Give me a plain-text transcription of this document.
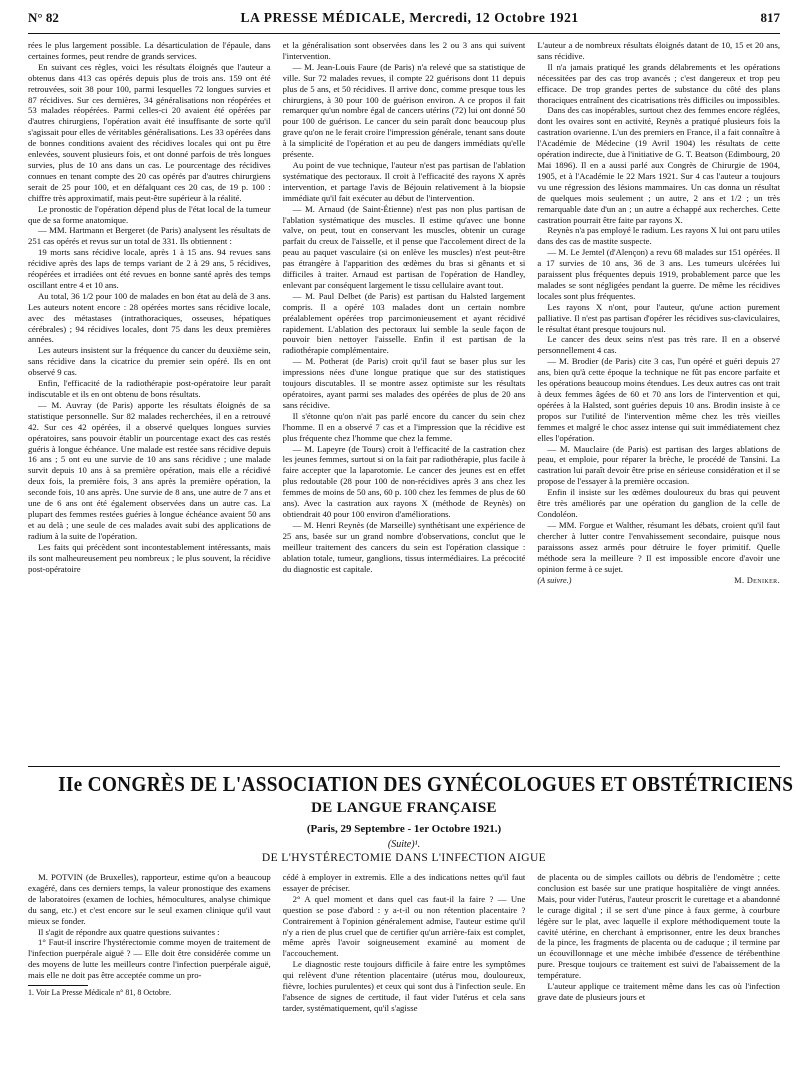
N° 82	LA PRESSE MÉDICALE, Mercredi, 12 Octobre 1921	817

rées le plus largement possible. La désarticulation de l'épaule, dans certaines formes, peut rendre de grands services.

En suivant ces règles, voici les résultats éloignés que l'auteur a obtenus dans 413 cas opérés depuis plus de trois ans. 159 ont été retrouvées, soit 38 pour 100, parmi lesquelles 72 longues survies et 87 récidives. Sur ces dernières, 34 généralisations non réopérées et 53 malades réopérées. Parmi celles-ci 20 avaient été opérées par d'autres chirurgiens, l'opération avait été insuffisante de sorte qu'il s'agissait pour elles de véritables généralisations. Les 33 opérées dans de bonnes conditions avaient des récidives locales qui ont pu être enlevées, souvent plusieurs fois, et ont donné parfois de très longues survies, plus de 10 ans dans un cas. Le pourcentage des récidives connues en tenant compte des 20 cas opérés par d'autres chirurgiens serait de 25 pour 100, et en défalquant ces 20 cas, de 19 p. 100 : chiffre très approximatif, mais peut-être supérieur à la réalité.

Le pronostic de l'opération dépend plus de l'état local de la tumeur que de sa forme anatomique.

— MM. Hartmann et Bergeret (de Paris) analysent les résultats de 251 cas opérés et revus sur un total de 331. Ils obtiennent :

19 morts sans récidive locale, après 1 à 15 ans. 94 revues sans récidive après des laps de temps variant de 2 à 29 ans, 5 récidives, réopérées et irradiées ont été revues en bonne santé après des temps oscillant entre 4 et 10 ans.

Au total, 36 1/2 pour 100 de malades en bon état au delà de 3 ans. Les auteurs notent encore : 28 opérées mortes sans récidive locale, avec des métastases (intrathoraciques, osseuses, hépatiques cérébrales) ; 94 récidives locales, dont 75 dans les deux premières années.

Les auteurs insistent sur la fréquence du cancer du deuxième sein, sans récidive dans la cicatrice du premier sein opéré. Ils en ont observé 9 cas.

Enfin, l'efficacité de la radiothérapie post-opératoire leur paraît indiscutable et ils en ont obtenu de bons résultats.

— M. Auvray (de Paris) apporte les résultats éloignés de sa statistique personnelle. Sur 82 malades recherchées, il en a retrouvé 42. Sur ces 42 opérées, il a observé quelques longues survies opératoires, sans pouvoir établir un pourcentage exact des cas restés guéris à longue échéance. Une malade est restée sans récidive depuis 16 ans ; 5 ont eu une survie de 10 ans sans récidive ; une malade survit depuis 10 ans à sa première opération, mais elle a récidivé deux fois, la première fois, 3 ans après la première opération, la seconde fois, 10 ans après. Une survie de 8 ans, une autre de 7 ans et une de 6 ans ont été également observées dans un autre cas. La plupart des femmes restées guéries à longue échéance avaient 50 ans et au delà ; une seule de ces malades avait subi des applications de radium à la suite de l'opération.

Les faits qui précèdent sont incontestablement intéressants, mais ils sont malheureusement peu nombreux ; le plus souvent, la récidive post-opératoire

et la généralisation sont observées dans les 2 ou 3 ans qui suivent l'intervention.

— M. Jean-Louis Faure (de Paris) n'a relevé que sa statistique de ville. Sur 72 malades revues, il compte 22 guérisons dont 11 depuis plus de 5 ans, et 50 récidives. Il arrive donc, comme presque tous les chirurgiens, à 30 pour 100 de guérison environ. A ce propos il fait remarquer qu'un nombre égal de cancers utérins (72) lui ont donné 50 pour 100 de guérison. Le cancer du sein paraît donc beaucoup plus grave qu'on ne le ferait croire l'impression générale, tenant sans doute à la simplicité de l'opération et au peu de dangers immédiats qu'elle présente.

Au point de vue technique, l'auteur n'est pas partisan de l'ablation systématique des pectoraux. Il croit à l'efficacité des rayons X après intervention, et partage l'avis de Béjouin relativement à la biopsie immédiate qu'il fait exécuter au début de l'intervention.

— M. Arnaud (de Saint-Étienne) n'est pas non plus partisan de l'ablation systématique des muscles. Il estime qu'avec une bonne valve, on peut, tout en conservant les muscles, obtenir un curage parfait du creux de l'aisselle, et il pense que l'accolement direct de la peau au paquet vasculaire (si on enlève les muscles) n'est peut-être pas étrangère à l'apparition des œdèmes du bras si gênants et si difficiles à traiter. Arnaud est partisan de l'opération de Handley, enlevant par conséquent largement le tissu cellulaire avant tout.

— M. Paul Delbet (de Paris) est partisan du Halsted largement compris. Il a opéré 103 malades dont un certain nombre préalablement opérées trop parcimonieusement et ayant récidivé rapidement. L'ablation des pectoraux lui semble la seule façon de pouvoir bien nettoyer l'aisselle. Enfin il est partisan de la radiothérapie complémentaire.

— M. Potherat (de Paris) croit qu'il faut se baser plus sur les impressions nées d'une longue pratique que sur des statistiques toujours discutables. Il se montre assez optimiste sur les résultats opératoires, ayant parmi ses malades des opérées de plus de 20 ans sans récidive.

Il s'étonne qu'on n'ait pas parlé encore du cancer du sein chez l'homme. Il en a observé 7 cas et a l'impression que la récidive est plus fréquente chez l'homme que chez la femme.

— M. Lapeyre (de Tours) croit à l'efficacité de la castration chez les jeunes femmes, surtout si on la fait par radiothérapie, plus facile à faire accepter que la laparotomie. Le cancer des jeunes est en effet plus redoutable (28 pour 100 de non-récidives après 3 ans chez les femmes de moins de 50 ans, 60 p. 100 chez les femmes de plus de 60 ans). Avec la castration aux rayons X (méthode de Reynès) on obtiendrait 40 pour 100 environ d'améliorations.

— M. Henri Reynès (de Marseille) synthétisant une expérience de 25 ans, basée sur un grand nombre d'observations, conclut que le meilleur traitement des cancers du sein est l'opération classique : ablation totale, tumeur, ganglions, tissus intermédiaires. La précocité du diagnostic est capitale.

L'auteur a de nombreux résultats éloignés datant de 10, 15 et 20 ans, sans récidive.

Il n'a jamais pratiqué les grands délabrements et les opérations nécessitées par des cas trop avancés ; c'est dangereux et trop peu efficace. De trop grandes pertes de substance du côté des plans thoraciques entraînent des cicatrisations très difficiles ou impossibles.

Dans des cas inopérables, surtout chez des femmes encore réglées, dont les ovaires sont en activité, Reynès a pratiqué plusieurs fois la castration ovarienne. L'un des premiers en France, il a fait connaître à l'Académie de Médecine (19 Avril 1904) les résultats de cette opération indirecte, due à l'initiative de G. T. Beatson (Edimbourg, 20 Mai 1896). Il en a aussi parlé aux Congrès de Chirurgie de 1904, 1905, et à l'Académie le 22 Mars 1921. Sur 4 cas l'auteur a toujours vu une régression des lésions mammaires. Un cas donna un résultat de quelques mois seulement ; un autre, 2 ans et 1/2 ; un très remarquable date d'un an ; un autre a échappé aux recherches. Cette castration pourrait être faite par rayons X.

Reynès n'a pas employé le radium. Les rayons X lui ont paru utiles dans des cas de mastite suspecte.

— M. Le Jemtel (d'Alençon) a revu 68 malades sur 151 opérées. Il a 17 survies de 10 ans, 36 de 3 ans. Les tumeurs ulcérées lui paraissent plus fréquentes depuis 1919, probablement parce que les malades se sont négligées pendant la guerre. De même les récidives locales sont plus fréquentes.

Les rayons X n'ont, pour l'auteur, qu'une action purement palliative. Il n'est pas partisan d'opérer les récidives sus-claviculaires, le résultat étant presque toujours nul.

Le cancer des deux seins n'est pas très rare. Il en a observé personnellement 4 cas.

— M. Brodier (de Paris) cite 3 cas, l'un opéré et guéri depuis 27 ans, bien qu'à cette époque la technique ne fût pas encore parfaite et les opérations beaucoup moins étendues. Les deux autres cas ont trait à deux femmes âgées de 60 et 70 ans lors de l'intervention et qui, opérées à la Halsted, sont guéries depuis 10 ans. Brodin insiste à ce propos sur l'utilité de l'intervention même chez les très vieilles femmes et malgré le choc assez intense qui suit immédiatement chez elles l'opération.

— M. Mauclaire (de Paris) est partisan des larges ablations de peau, et emploie, pour réparer la brèche, le procédé de Tansini. La castration lui paraît devoir être prise en sérieuse considération et il se propose de l'essayer à la première occasion.

Enfin il insiste sur les œdèmes douloureux du bras qui peuvent être très améliorés par une opération du ganglion de la celle de Condoléon.

— MM. Forgue et Walther, résumant les débats, croient qu'il faut chercher à lutter contre l'envahissement secondaire, puisque nous paraissons assez armés pour détruire le foyer primitif. Quelle méthode sera la meilleure ? Il est impossible encore d'avoir une opinion ferme à ce sujet.

(A suivre.)	M. Deniker.
IIe CONGRÈS DE L'ASSOCIATION DES GYNÉCOLOGUES ET OBSTÉTRICIENS
DE LANGUE FRANÇAISE
(Paris, 29 Septembre - 1er Octobre 1921.)
(Suite)¹.
DE L'HYSTÉRECTOMIE DANS L'INFECTION AIGUE

M. POTVIN (de Bruxelles), rapporteur, estime qu'on a beaucoup exagéré, dans ces derniers temps, la valeur pronostique des examens de laboratoires (examen de lochies, hémocultures, analyse chimique du sang, etc.) et c'est encore sur le seul examen clinique qu'il vaut mieux se fonder.

Il s'agit de répondre aux quatre questions suivantes :

1° Faut-il inscrire l'hystérectomie comme moyen de traitement de l'infection puerpérale aiguë ? — Elle doit être considérée comme un des moyens de lutte les meilleurs contre l'infection puerpérale aiguë, mais elle ne doit pas être acceptée comme un pro-

1. Voir La Presse Médicale n° 81, 8 Octobre.

cédé à employer in extremis. Elle a des indications nettes qu'il faut essayer de préciser.

2° A quel moment et dans quel cas faut-il la faire ? — Une question se pose d'abord : y a-t-il ou non rétention placentaire ? Contrairement à l'opinion généralement admise, l'auteur estime qu'il n'y a rien de plus cruel que de certifier qu'un arrière-faix est complet, même après l'avoir soigneusement examiné au moment de l'accouchement.

Le diagnostic reste toujours difficile à faire entre les symptômes qui relèvent d'une rétention placentaire (utérus mou, douloureux, fièvre, lochies purulentes) et ceux qui sont dus à l'infection seule. En l'absence de signes de certitude, il faut vider l'utérus et cela sans tarder, systématiquement, qu'il s'agisse

de placenta ou de simples caillots ou débris de l'endomètre ; cette conclusion est basée sur une pratique hospitalière de vingt années. Mais, pour vider l'utérus, l'auteur proscrit le curettage et a abandonné le curage digital ; il se sert d'une pince à faux germe, à courbure légère sur le plat, avec laquelle il explore méthodiquement toute la cavité utérine, en cherchant à emprisonner, entre les deux branches de la pince, les fragments de placenta ou de caduque ; il termine par un écouvillonnage et une mèche imbibée d'essence de térébenthine pure. Presque toujours ce traitement est suivi de l'abaissement de la température.

L'auteur applique ce traitement même dans les cas où l'infection grave date de plusieurs jours et
